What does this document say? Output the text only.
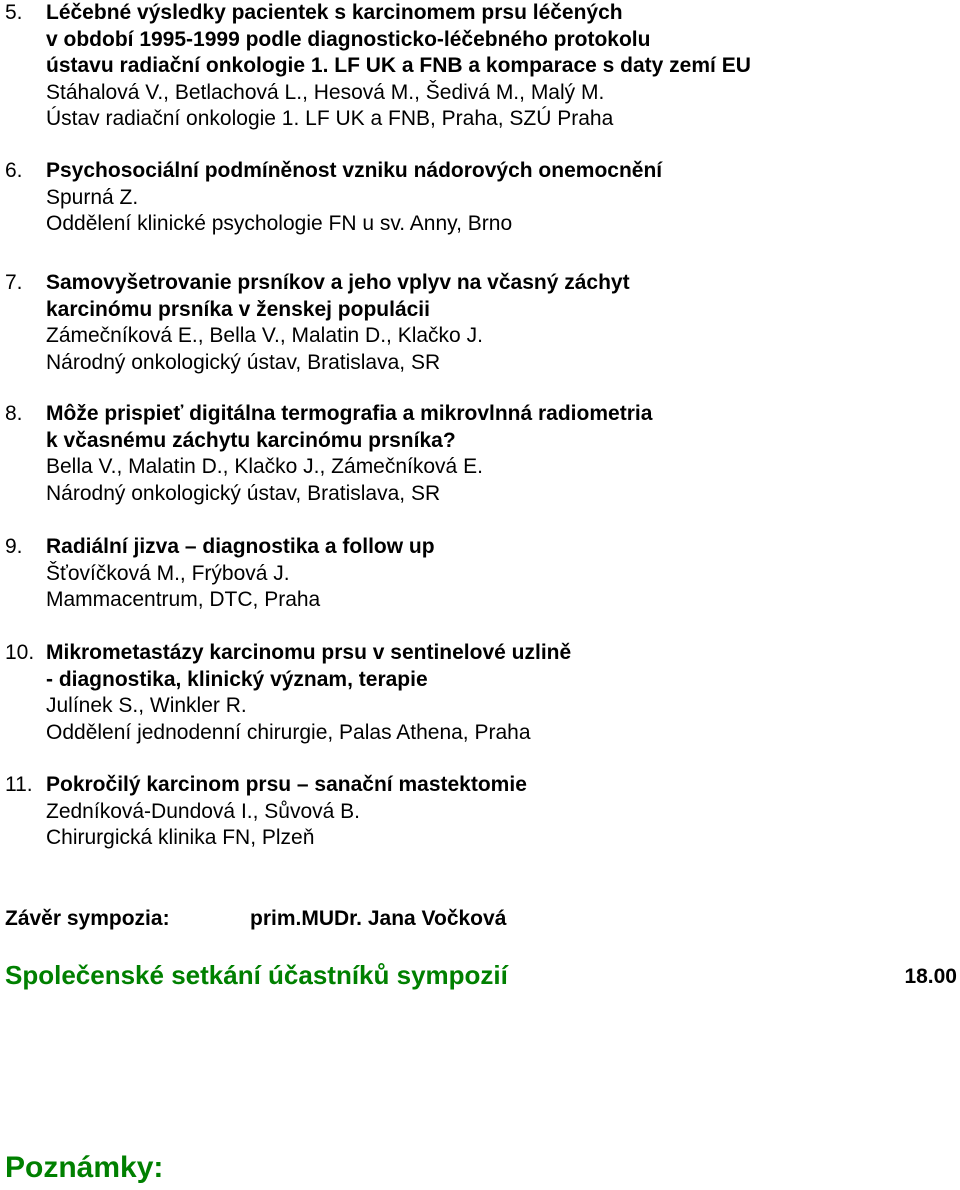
5. Léčebné výsledky pacientek s karcinomem prsu léčených
v období 1995-1999 podle diagnosticko-léčebného protokolu
ústavu radiační onkologie 1. LF UK a FNB a komparace s daty zemí EU
Stáhalová V., Betlachová L., Hesová M., Šedivá M., Malý M.
Ústav radiační onkologie 1. LF UK a FNB, Praha, SZÚ Praha
6. Psychosociální podmíněnost vzniku nádorových onemocnění
Spurná Z.
Oddělení klinické psychologie FN u sv. Anny, Brno
7. Samovyšetrovanie prsníkov a jeho vplyv na včasný záchyt
karcinómu prsníka v ženskej populácii
Zámečníková E., Bella V., Malatin D., Klačko J.
Národný onkologický ústav, Bratislava, SR
8. Môže prispieť digitálna termografia a mikrovlnná radiometria
k včasnému záchytu karcinómu prsníka?
Bella V., Malatin D., Klačko J., Zámečníková E.
Národný onkologický ústav, Bratislava, SR
9. Radiální jizva – diagnostika a follow up
Šťovíčková M., Frýbová J.
Mammacentrum, DTC, Praha
10. Mikrometastázy karcinomu prsu v sentinelové uzlině
- diagnostika, klinický význam, terapie
Julínek S., Winkler R.
Oddělení jednodenní chirurgie, Palas Athena, Praha
11. Pokročilý karcinom prsu – sanační mastektomie
Zedníková-Dundová I., Sůvová B.
Chirurgická klinika FN, Plzeň
Závěr sympozia:	prim.MUDr. Jana Vočková
Společenské setkání účastníků sympozií	18.00
Poznámky:
